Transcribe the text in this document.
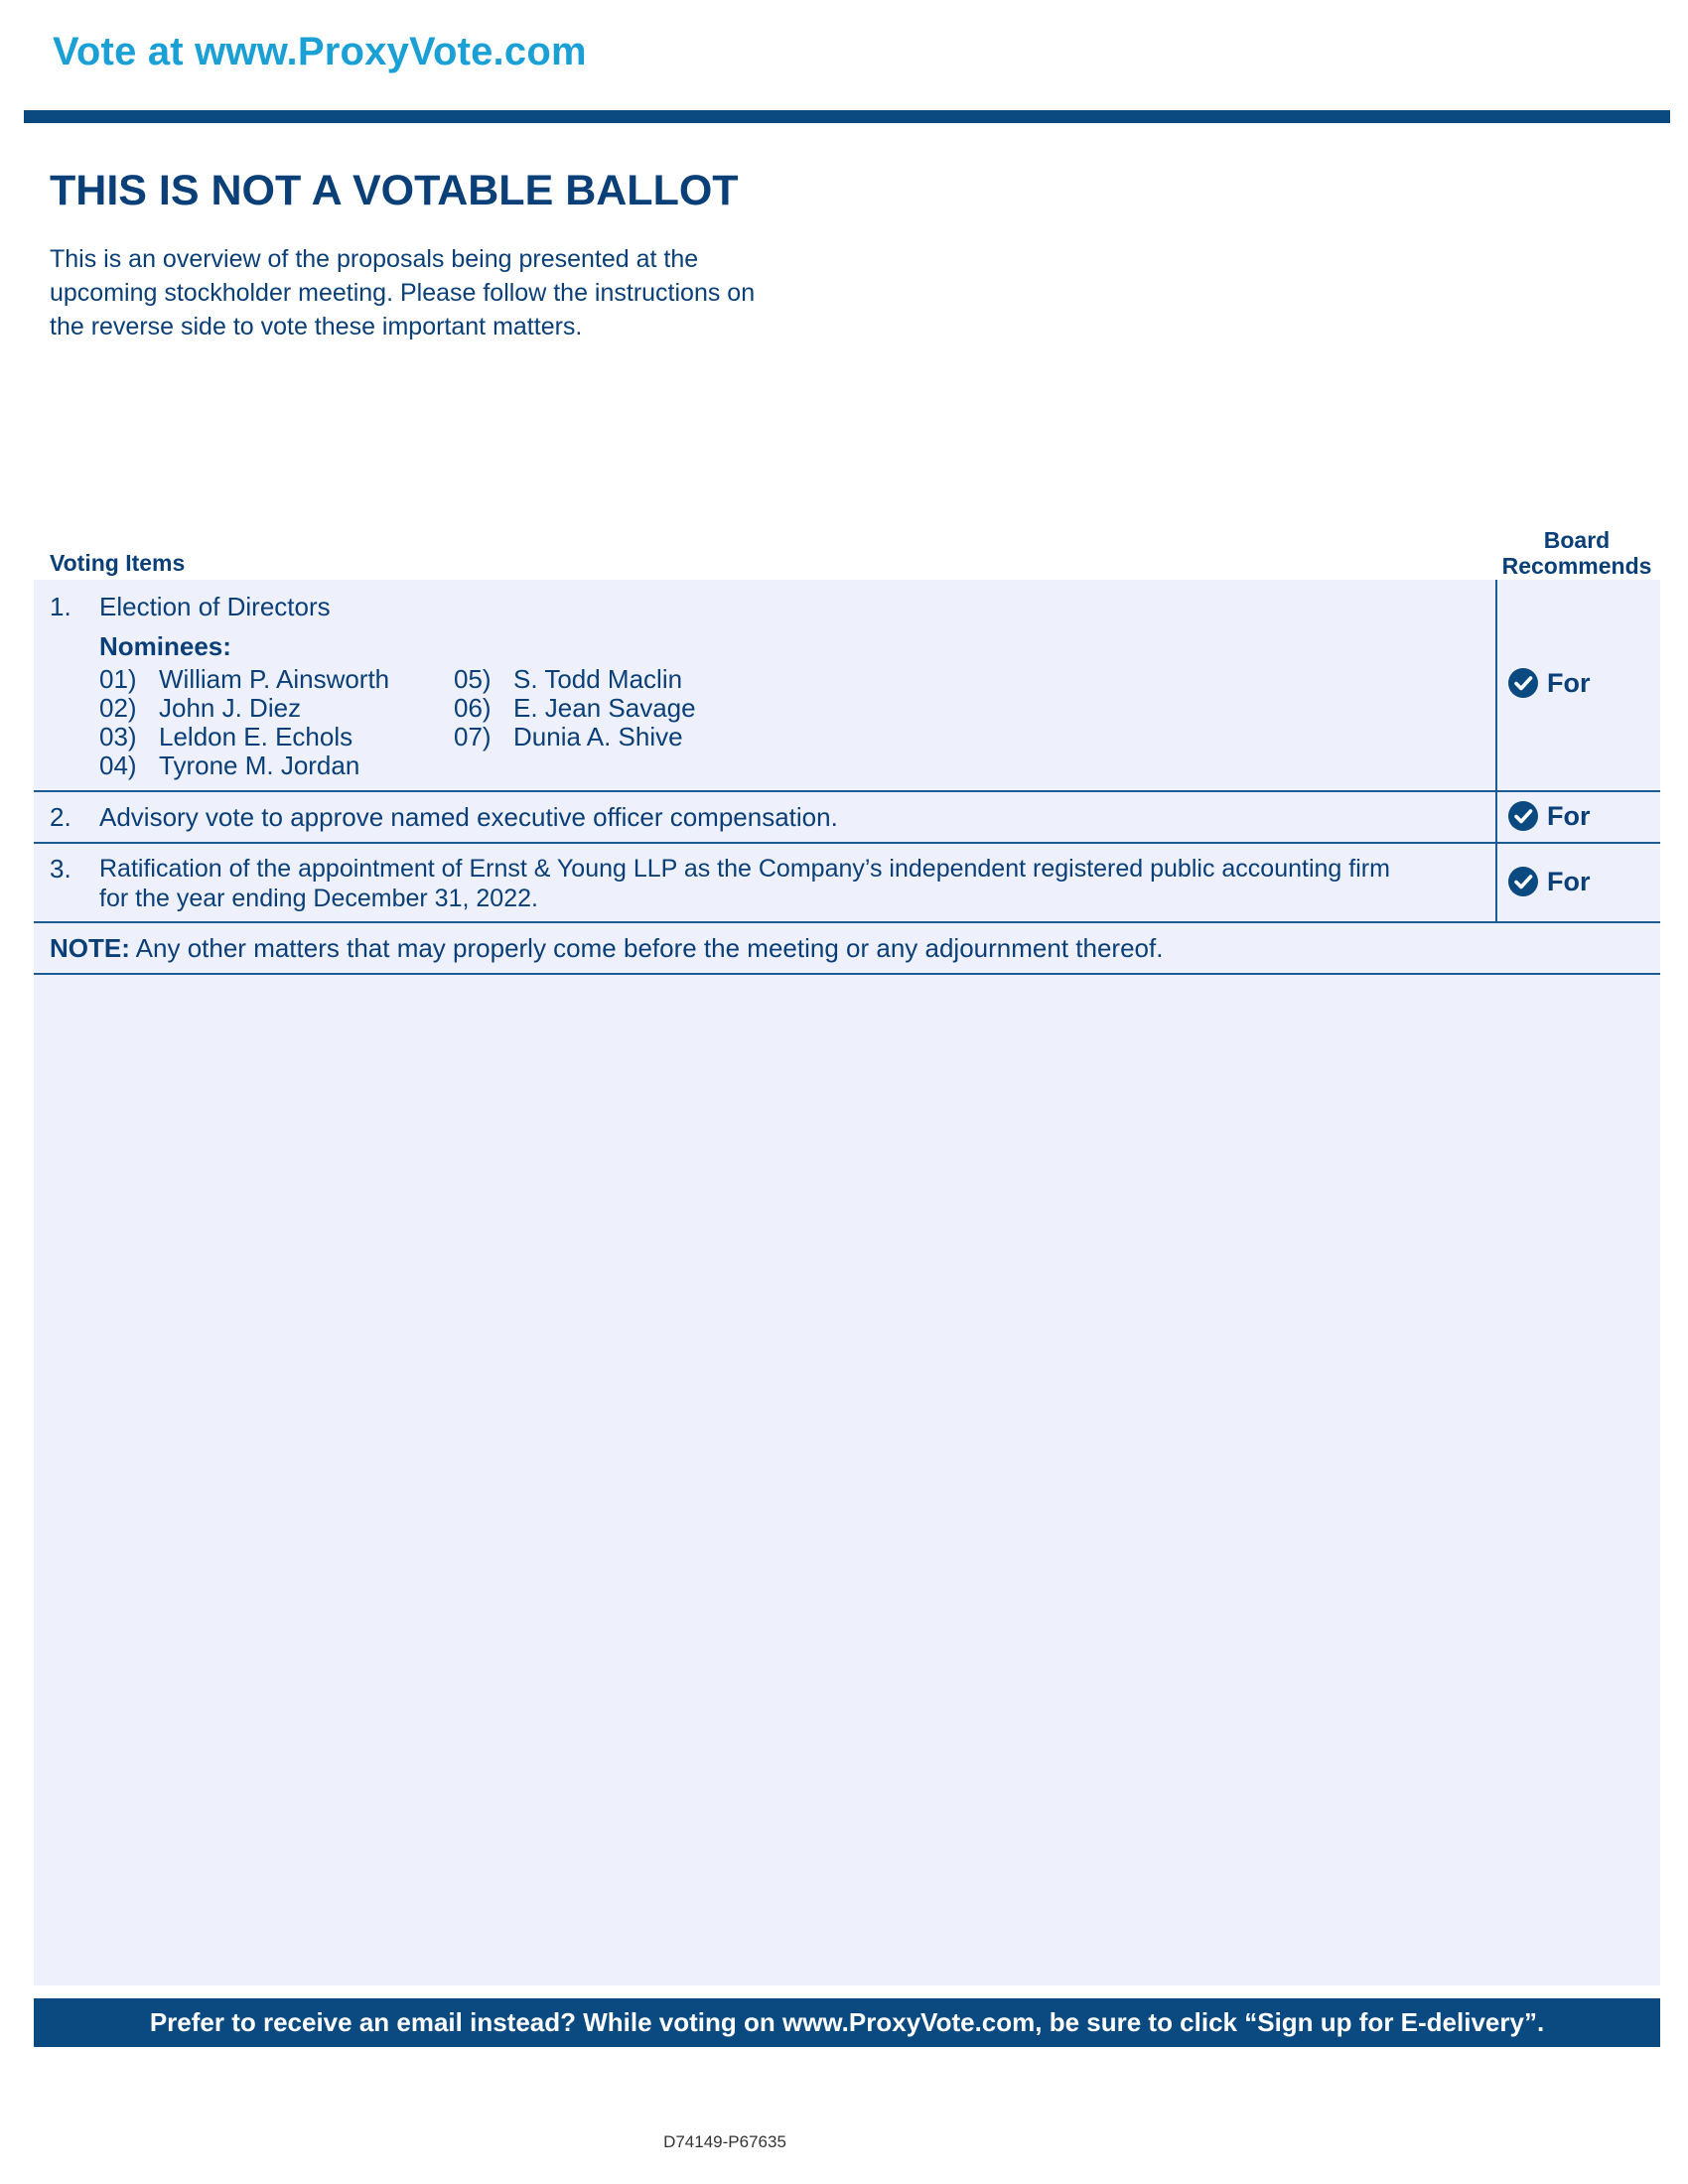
Vote at www.ProxyVote.com
THIS IS NOT A VOTABLE BALLOT
This is an overview of the proposals being presented at the
upcoming stockholder meeting. Please follow the instructions on
the reverse side to vote these important matters.
Voting Items
Board
Recommends
1. Election of Directors
Nominees:
01) William P. Ainsworth
02) John J. Diez
03) Leldon E. Echols
04) Tyrone M. Jordan
05) S. Todd Maclin
06) E. Jean Savage
07) Dunia A. Shive
For
2. Advisory vote to approve named executive officer compensation.	For
3. Ratification of the appointment of Ernst & Young LLP as the Company’s independent registered public accounting firm
for the year ending December 31, 2022.
For
NOTE: Any other matters that may properly come before the meeting or any adjournment thereof.
Prefer to receive an email instead? While voting on www.ProxyVote.com, be sure to click “Sign up for E-delivery”.
D74149-P67635
